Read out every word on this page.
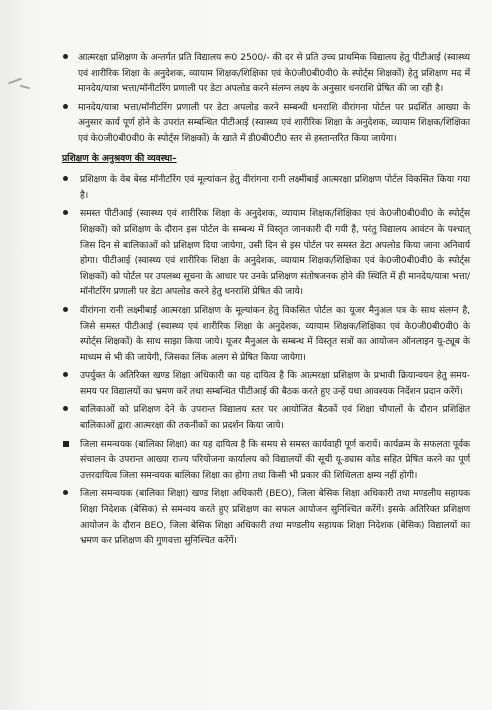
आत्मरक्षा प्रशिक्षण के अन्तर्गत प्रति विद्यालय रू0 2500/- की दर से प्रति उच्च प्राथमिक विद्यालय हेतु पीटीआई (स्वास्थ्य एवं शारीरिक शिक्षा के अनुदेशक, व्यायाम शिक्षक/शिक्षिका एवं के0जी0बी0वी0 के स्पोर्ट्स शिक्षकों) हेतु प्रशिक्षण मद में मानदेय/यात्रा भत्ता/मॉनीटरिंग प्रणाली पर डेटा अपलोड करने संलग्न लक्ष्य के अनुसार धनराशि प्रेषित की जा रही है।

मानदेय/यात्रा भत्ता/मॉनीटरिंग प्रणाली पर डेटा अपलोड करने सम्बन्धी धनराशि वीरांगना पोर्टल पर प्रदर्शित आख्या के अनुसार कार्य पूर्ण होने के उपरांत सम्बन्धित पीटीआई (स्वास्थ्य एवं शारीरिक शिक्षा के अनुदेशक, व्यायाम शिक्षक/शिक्षिका एवं के0जी0बी0वी0 के स्पोर्ट्स शिक्षकों) के खाते में डी0बी0टी0 स्तर से हस्तान्तरित किया जायेगा।

प्रशिक्षण के अनुश्रवण की व्यवस्था–

प्रशिक्षण के वेब बेस्ड मॉनीटरिंग एवं मूल्यांकन हेतु वीरांगना रानी लक्ष्मीबाई आत्मरक्षा प्रशिक्षण पोर्टल विकसित किया गया है।

समस्त पीटीआई (स्वास्थ्य एवं शारीरिक शिक्षा के अनुदेशक, व्यायाम शिक्षक/शिक्षिका एवं के0जी0बी0वी0 के स्पोर्ट्स शिक्षकों) को प्रशिक्षण के दौरान इस पोर्टल के सम्बन्ध में विस्तृत जानकारी दी गयी है, परंतु विद्यालय आवंटन के पश्चात् जिस दिन से बालिकाओं को प्रशिक्षण दिया जायेगा, उसी दिन से इस पोर्टल पर समस्त डेटा अपलोड किया जाना अनिवार्य होगा। पीटीआई (स्वास्थ्य एवं शारीरिक शिक्षा के अनुदेशक, व्यायाम शिक्षक/शिक्षिका एवं के0जी0बी0वी0 के स्पोर्ट्स शिक्षकों) को पोर्टल पर उपलब्ध सूचना के आधार पर उनके प्रशिक्षण संतोषजनक होने की स्थिति में ही मानदेय/यात्रा भत्ता/मॉनीटरिंग प्रणाली पर डेटा अपलोड करने हेतु धनराशि प्रेषित की जाये।

वीरांगना रानी लक्ष्मीबाई आत्मरक्षा प्रशिक्षण के मूल्यांकन हेतु विकसित पोर्टल का यूजर मैनुअल पत्र के साथ संलग्न है, जिसे समस्त पीटीआई (स्वास्थ्य एवं शारीरिक शिक्षा के अनुदेशक, व्यायाम शिक्षक/शिक्षिका एवं के0जी0बी0वी0 के स्पोर्ट्स शिक्षकों) के साथ साझा किया जाये। यूजर मैनुअल के सम्बन्ध में विस्तृत सत्रों का आयोजन ऑनलाइन यू-ट्यूब के माध्यम से भी की जायेगी, जिसका लिंक अलग से प्रेषित किया जायेगा।

उपर्युक्त के अतिरिक्त खण्ड शिक्षा अधिकारी का यह दायित्व है कि आत्मरक्षा प्रशिक्षण के प्रभावी क्रियान्वयन हेतु समय-समय पर विद्यालयों का भ्रमण करें तथा सम्बन्धित पीटीआई की बैठक करते हुए उन्हें यथा आवश्यक निर्देशन प्रदान करेंगें।

बालिकाओं को प्रशिक्षण देने के उपरान्त विद्यालय स्तर पर आयोजित बैठकों एवं शिक्षा चौपालों के दौरान प्रशिक्षित बालिकाओं द्वारा आत्मरक्षा की तकनीकों का प्रदर्शन किया जाये।

जिला समन्वयक (बालिका शिक्षा) का यह दायित्व है कि समय से समस्त कार्यवाही पूर्ण करायें। कार्यक्रम के सफलता पूर्वक संचालन के उपरान्त आख्या राज्य परियोजना कार्यालय को विद्यालयों की सूची यू-ड्यास कोड सहित प्रेषित करने का पूर्ण उत्तरदायित्व जिला समन्वयक बालिका शिक्षा का होगा तथा किसी भी प्रकार की शिथिलता क्षम्य नहीं होगी।

जिला समन्वयक (बालिका शिक्षा) खण्ड शिक्षा अधिकारी (BEO), जिला बेसिक शिक्षा अधिकारी तथा मण्डलीय सहायक शिक्षा निदेशक (बेसिक) से समन्वय करते हुए प्रशिक्षण का सफल आयोजन सुनिश्चित करेंगें। इसके अतिरिक्त प्रशिक्षण आयोजन के दौरान BEO, जिला बेसिक शिक्षा अधिकारी तथा मण्डलीय सहायक शिक्षा निदेशक (बेसिक) विद्यालयों का भ्रमण कर प्रशिक्षण की गुणवत्ता सुनिश्चित करेंगें।
